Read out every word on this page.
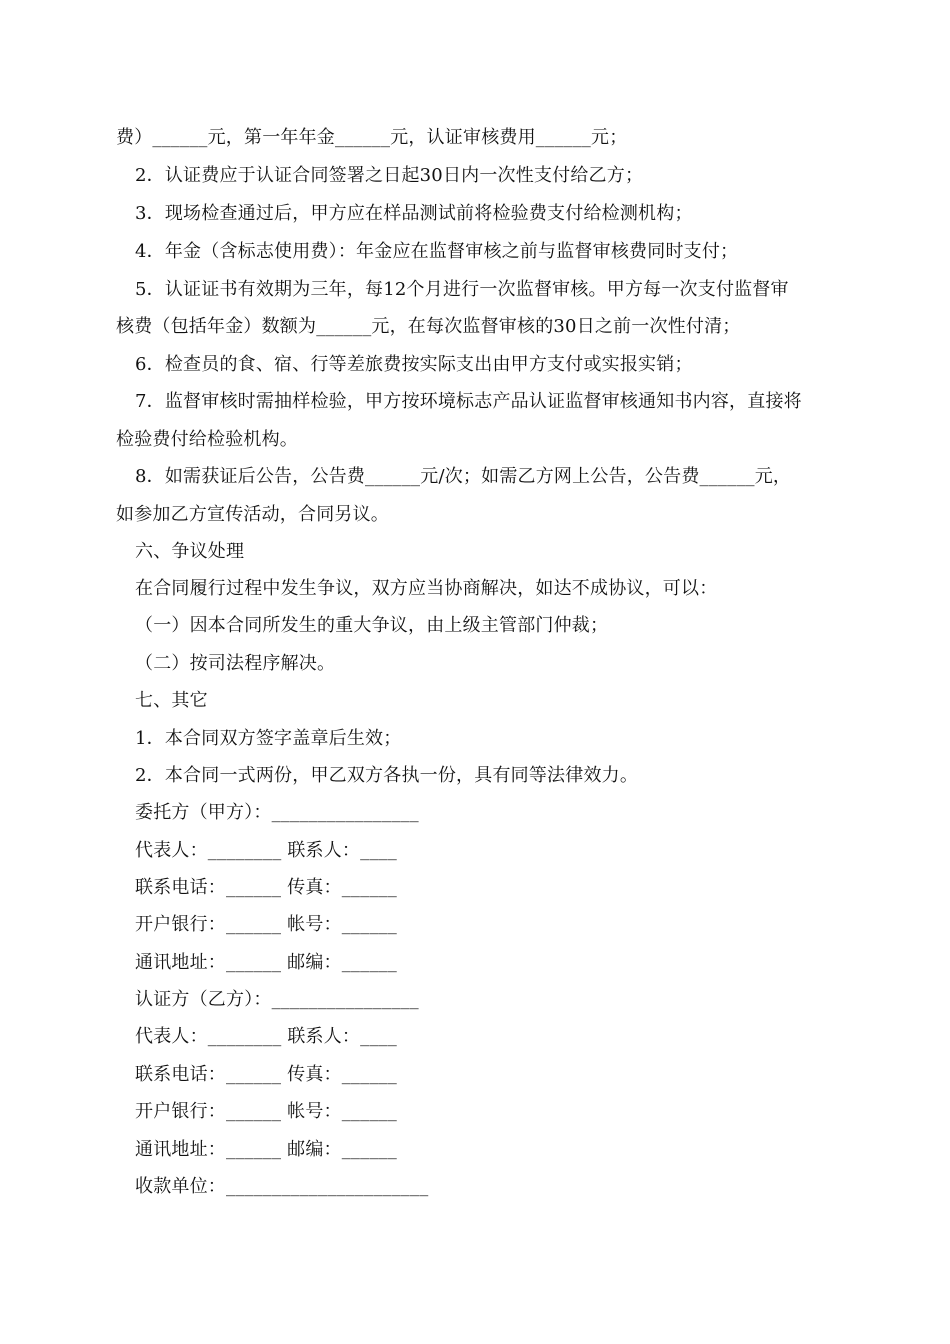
费）______元，第一年年金______元，认证审核费用______元；
2．认证费应于认证合同签署之日起30日内一次性支付给乙方；
3．现场检查通过后，甲方应在样品测试前将检验费支付给检测机构；
4．年金（含标志使用费）：年金应在监督审核之前与监督审核费同时支付；
5．认证证书有效期为三年，每12个月进行一次监督审核。甲方每一次支付监督审
核费（包括年金）数额为______元，在每次监督审核的30日之前一次性付清；
6．检查员的食、宿、行等差旅费按实际支出由甲方支付或实报实销；
7．监督审核时需抽样检验，甲方按环境标志产品认证监督审核通知书内容，直接将
检验费付给检验机构。
8．如需获证后公告，公告费______元/次；如需乙方网上公告，公告费______元，
如参加乙方宣传活动，合同另议。
六、争议处理
在合同履行过程中发生争议，双方应当协商解决，如达不成协议，可以：
（一）因本合同所发生的重大争议，由上级主管部门仲裁；
（二）按司法程序解决。
七、其它
1．本合同双方签字盖章后生效；
2．本合同一式两份，甲乙双方各执一份，具有同等法律效力。
委托方（甲方）：________________
代表人：________ 联系人：____
联系电话：______ 传真：______
开户银行：______ 帐号：______
通讯地址：______ 邮编：______
认证方（乙方）：________________
代表人：________ 联系人：____
联系电话：______ 传真：______
开户银行：______ 帐号：______
通讯地址：______ 邮编：______
收款单位：______________________
